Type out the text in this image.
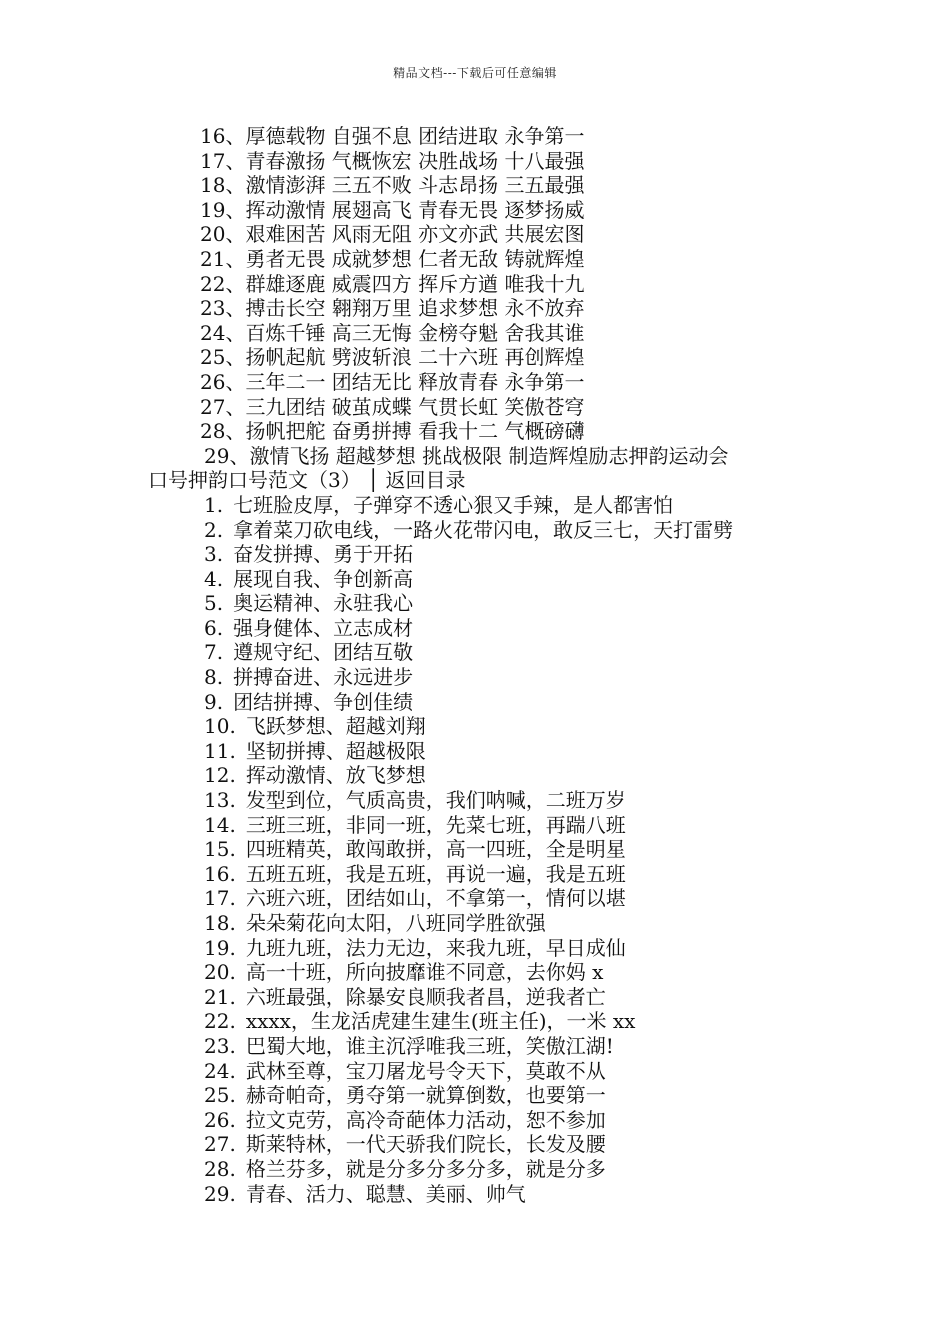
精品文档---下载后可任意编辑
16、厚德载物 自强不息 团结进取 永争第一
17、青春激扬 气概恢宏 决胜战场 十八最强
18、激情澎湃 三五不败 斗志昂扬 三五最强
19、挥动激情 展翅高飞 青春无畏 逐梦扬威
20、艰难困苦 风雨无阻 亦文亦武 共展宏图
21、勇者无畏 成就梦想 仁者无敌 铸就辉煌
22、群雄逐鹿 威震四方 挥斥方遒 唯我十九
23、搏击长空 翱翔万里 追求梦想 永不放弃
24、百炼千锤 高三无悔 金榜夺魁 舍我其谁
25、扬帆起航 劈波斩浪 二十六班 再创辉煌
26、三年二一 团结无比 释放青春 永争第一
27、三九团结 破茧成蝶 气贯长虹 笑傲苍穹
28、扬帆把舵 奋勇拼搏 看我十二 气概磅礴
29、激情飞扬 超越梦想 挑战极限 制造辉煌励志押韵运动会
口号押韵口号范文（3） │ 返回目录
1. 七班脸皮厚，子弹穿不透心狠又手辣，是人都害怕
2. 拿着菜刀砍电线，一路火花带闪电，敢反三七，天打雷劈
3. 奋发拼搏、勇于开拓
4. 展现自我、争创新高
5. 奥运精神、永驻我心
6. 强身健体、立志成材
7. 遵规守纪、团结互敬
8. 拼搏奋进、永远进步
9. 团结拼搏、争创佳绩
10. 飞跃梦想、超越刘翔
11. 坚韧拼搏、超越极限
12. 挥动激情、放飞梦想
13. 发型到位，气质高贵，我们呐喊，二班万岁
14. 三班三班，非同一班，先菜七班，再踹八班
15. 四班精英，敢闯敢拼，高一四班，全是明星
16. 五班五班，我是五班，再说一遍，我是五班
17. 六班六班，团结如山，不拿第一，情何以堪
18. 朵朵菊花向太阳，八班同学胜欲强
19. 九班九班，法力无边，来我九班，早日成仙
20. 高一十班，所向披靡谁不同意，去你妈 x
21. 六班最强，除暴安良顺我者昌，逆我者亡
22. xxxx，生龙活虎建生建生(班主任)，一米 xx
23. 巴蜀大地，谁主沉浮唯我三班，笑傲江湖!
24. 武林至尊，宝刀屠龙号令天下，莫敢不从
25. 赫奇帕奇，勇夺第一就算倒数，也要第一
26. 拉文克劳，高冷奇葩体力活动，恕不参加
27. 斯莱特林，一代天骄我们院长，长发及腰
28. 格兰芬多，就是分多分多分多，就是分多
29. 青春、活力、聪慧、美丽、帅气
